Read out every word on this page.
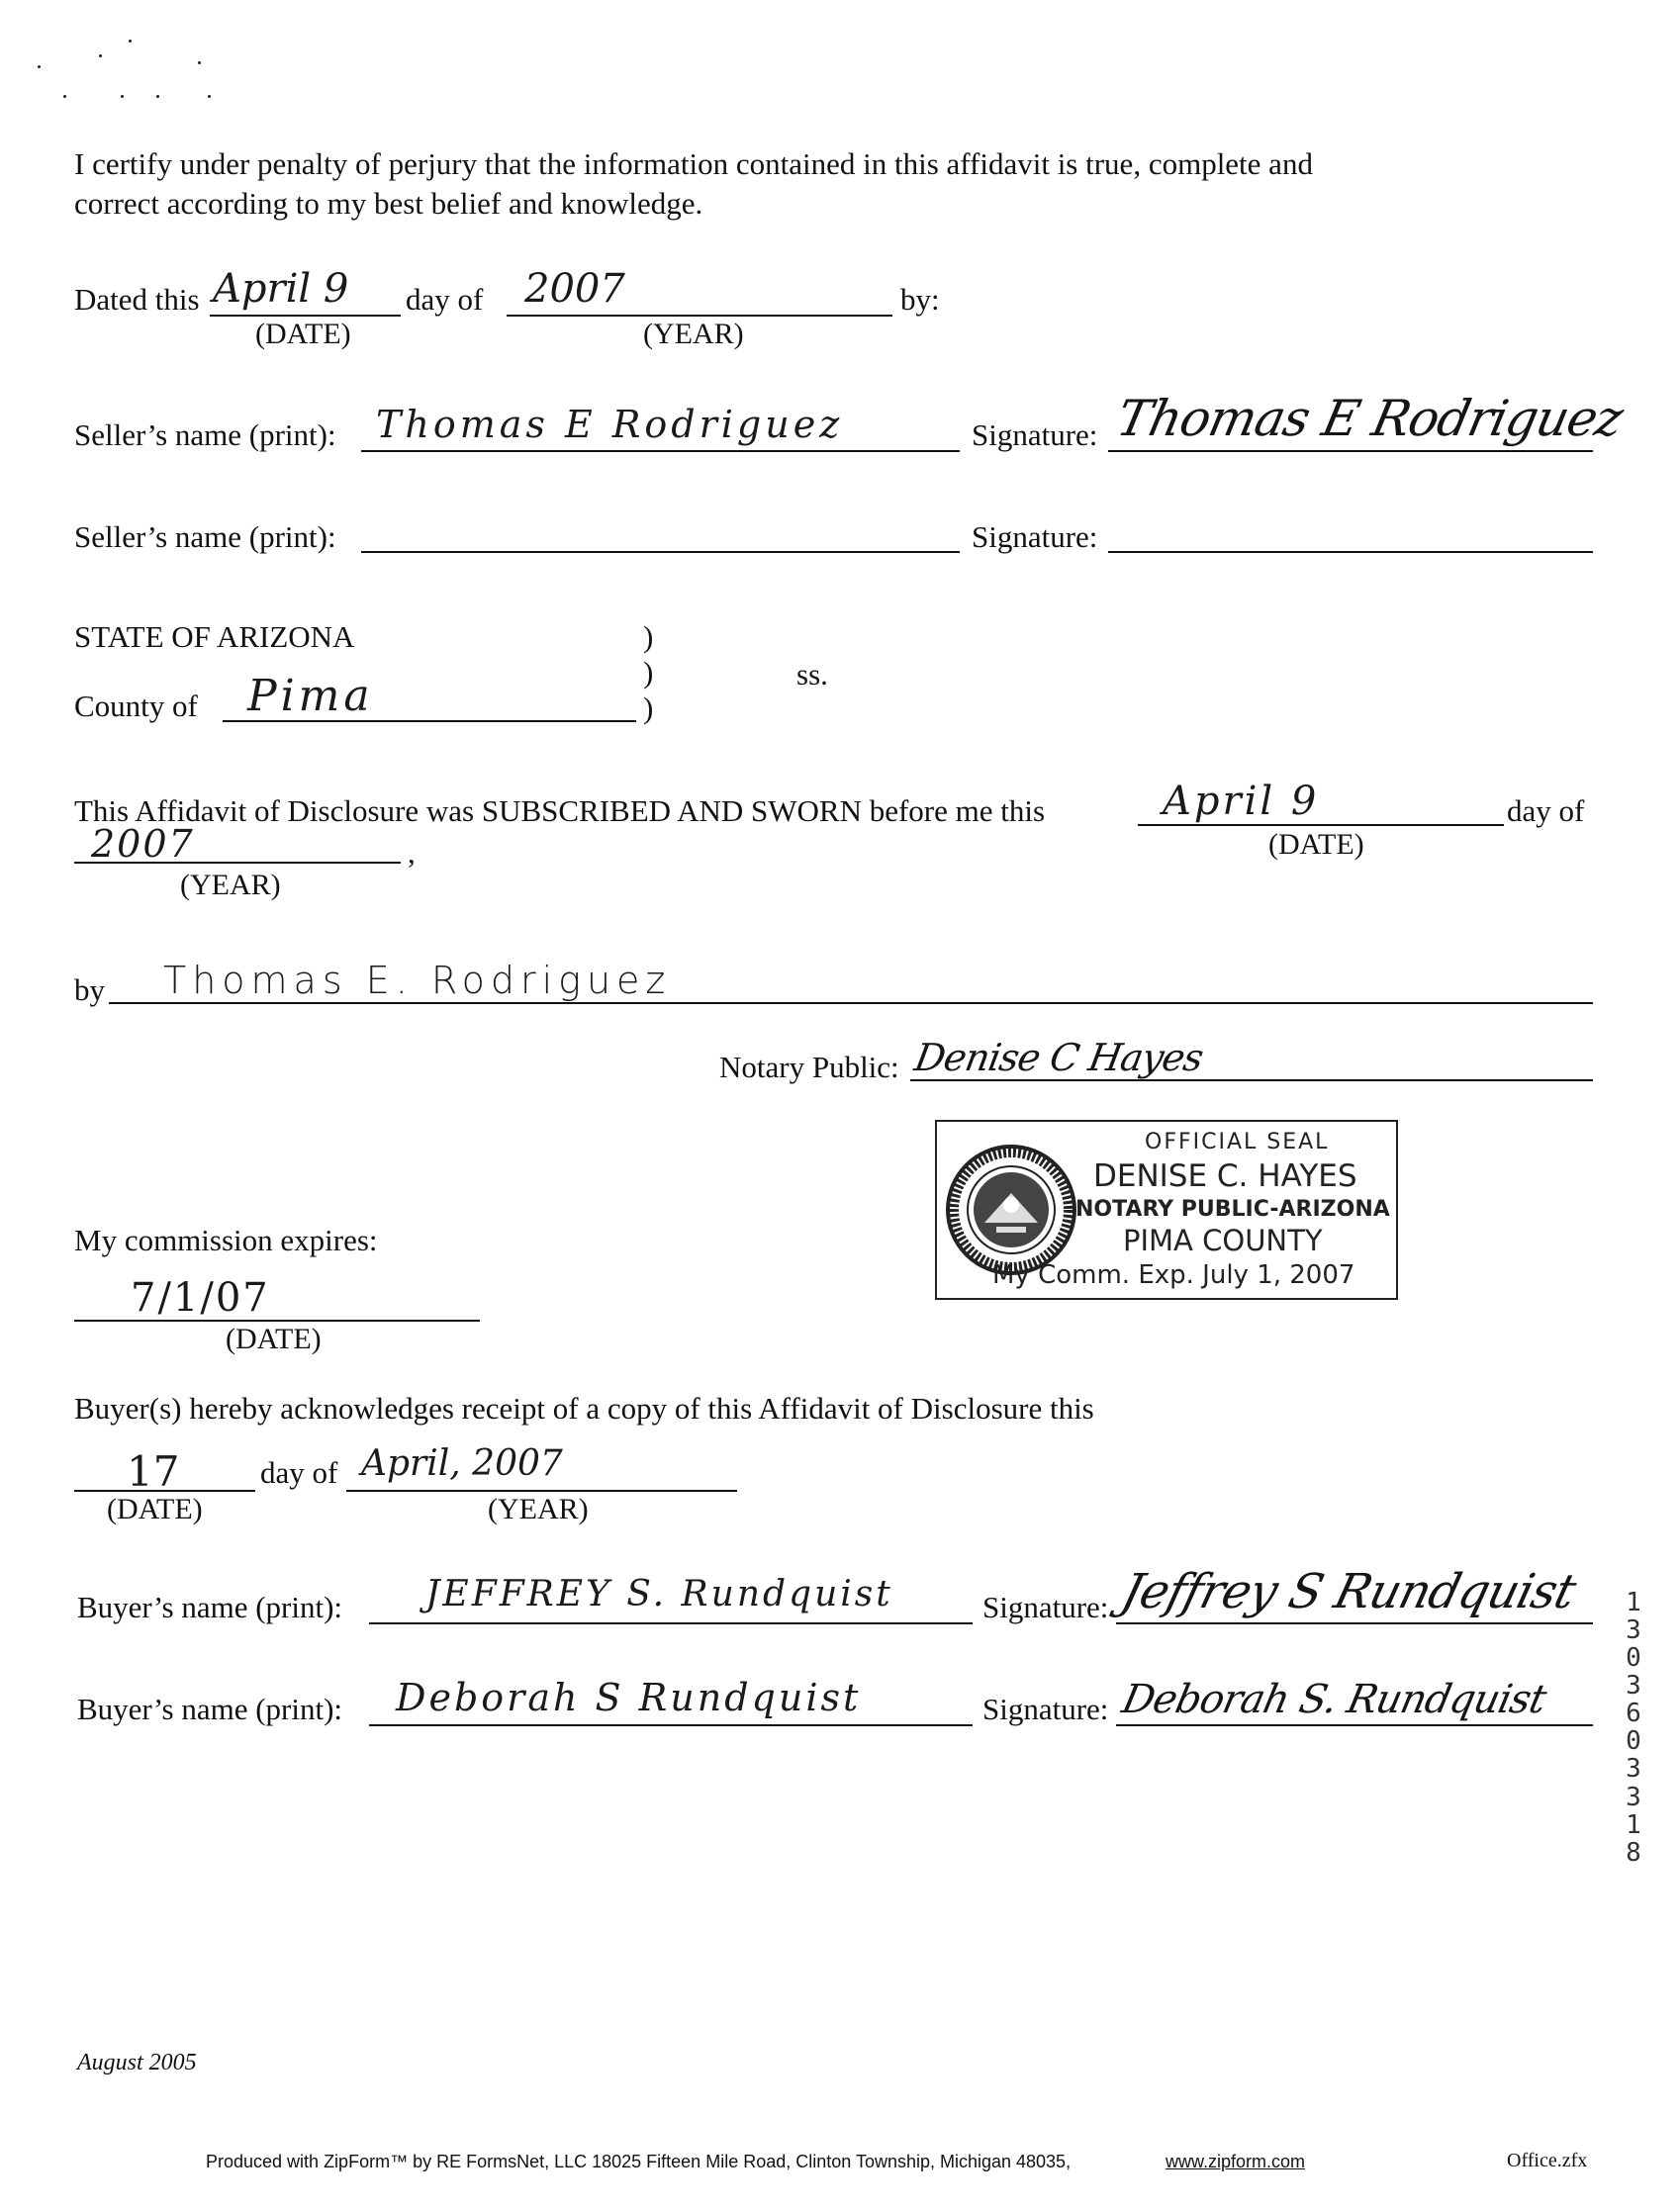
I certify under penalty of perjury that the information contained in this affidavit is true, complete and
correct according to my best belief and knowledge.
Dated this April 9
(DATE)
day of 2007
(YEAR)
by:
Seller’s name (print): Thomas E Rodriguez	Signature: Thomas E Rodriguez
Seller’s name (print):	Signature:
STATE OF ARIZONA	)
)
)
ss.
County of Pima
This Affidavit of Disclosure was SUBSCRIBED AND SWORN before me this	April 9
(DATE)
day of
2007	,
(YEAR)
by Thomas E. Rodriguez
Notary Public: Denise C Hayes
OFFICIAL SEAL
DENISE C. HAYES
NOTARY PUBLIC-ARIZONA
PIMA COUNTY
My Comm. Exp. July 1, 2007
My commission expires:
7/1/07
(DATE)
Buyer(s) hereby acknowledges receipt of a copy of this Affidavit of Disclosure this
17
(DATE)
day of April, 2007
(YEAR)
Buyer’s name (print): JEFFREY S. Rundquist	Signature: Jeffrey S Rundquist
Buyer’s name (print): Deborah S Rundquist	Signature: Deborah S. Rundquist
1
3
0
3
6
0
3
3
1
8
August 2005
Produced with ZipForm™ by RE FormsNet, LLC 18025 Fifteen Mile Road, Clinton Township, Michigan 48035,	www.zipform.com	Office.zfx
